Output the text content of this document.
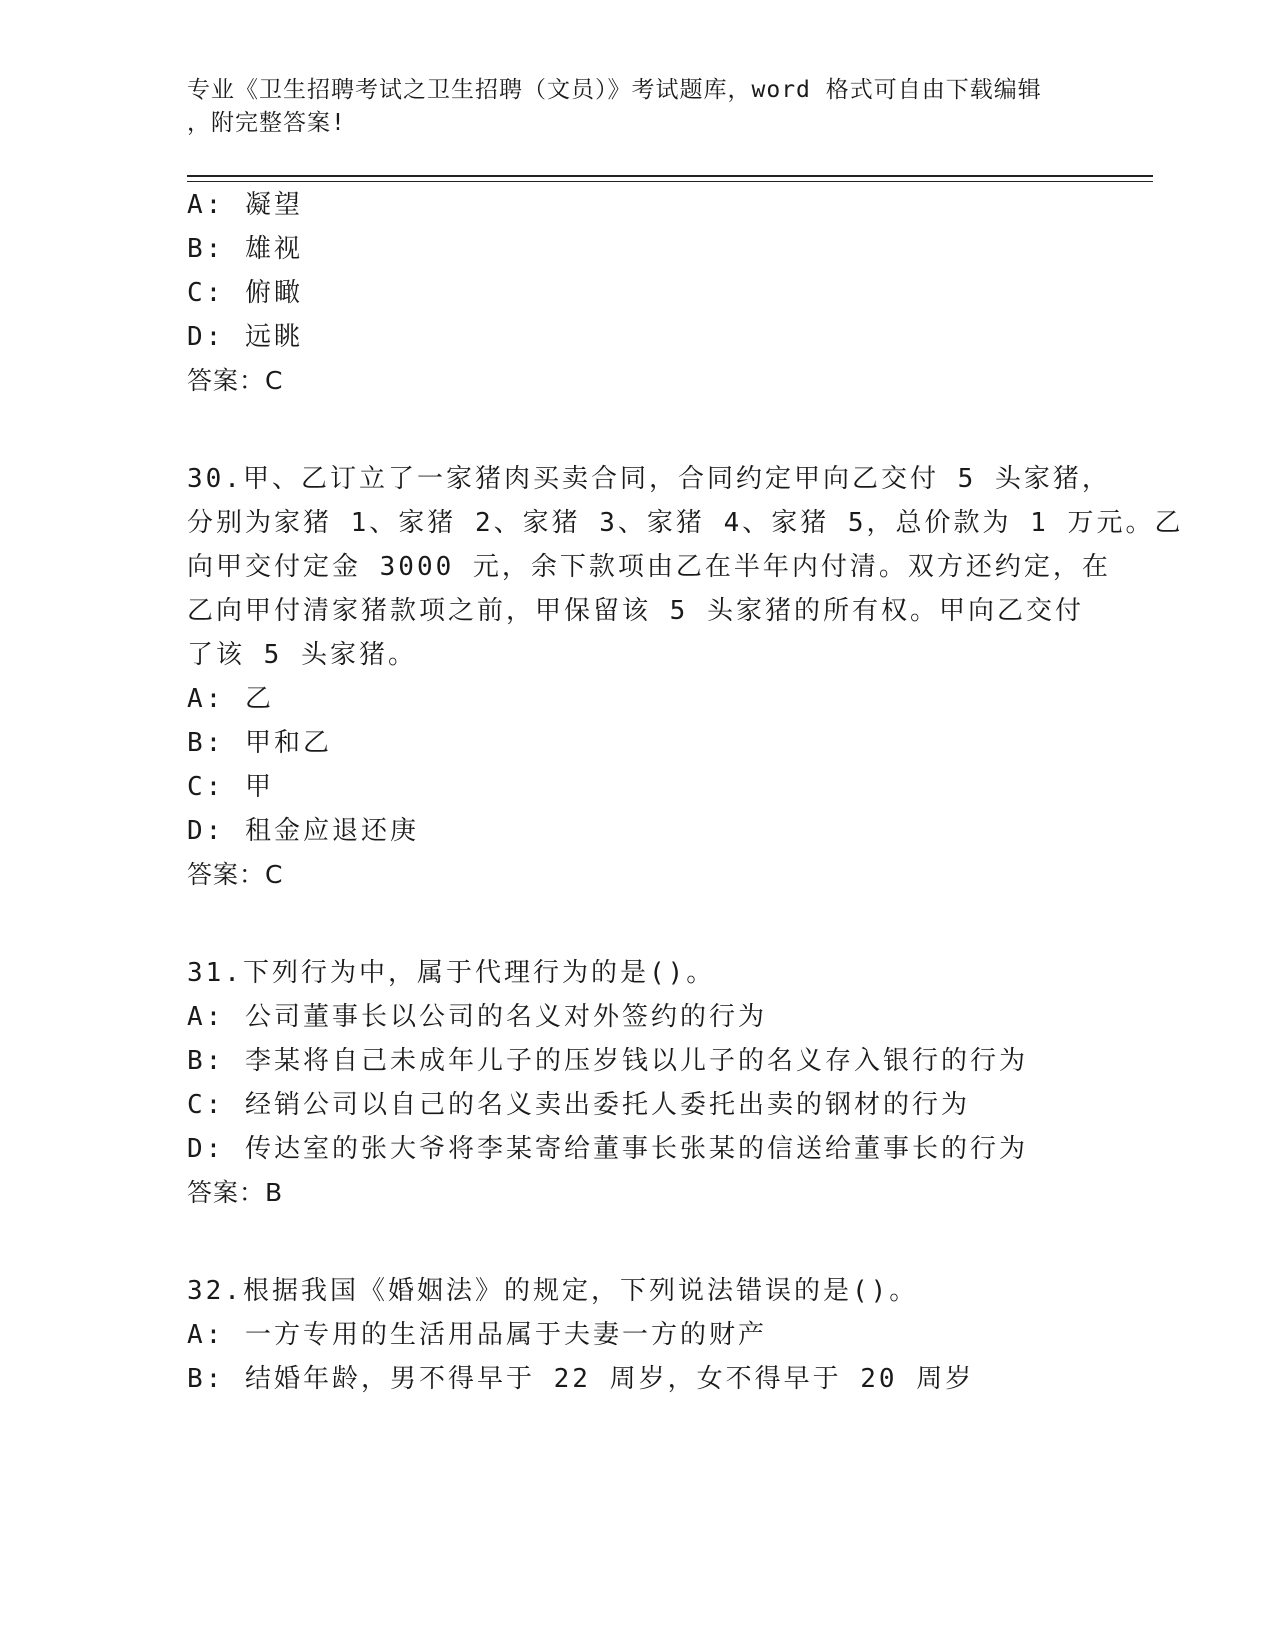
专业《卫生招聘考试之卫生招聘（文员）》考试题库，word 格式可自由下载编辑
，附完整答案!
A: 凝望
B: 雄视
C: 俯瞰
D: 远眺
答案：C
30.甲、乙订立了一家猪肉买卖合同，合同约定甲向乙交付 5 头家猪，
分别为家猪 1、家猪 2、家猪 3、家猪 4、家猪 5，总价款为 1 万元。乙
向甲交付定金 3000 元，余下款项由乙在半年内付清。双方还约定，在
乙向甲付清家猪款项之前，甲保留该 5 头家猪的所有权。甲向乙交付
了该 5 头家猪。
A: 乙
B: 甲和乙
C: 甲
D: 租金应退还庚
答案：C
31.下列行为中，属于代理行为的是()。
A: 公司董事长以公司的名义对外签约的行为
B: 李某将自己未成年儿子的压岁钱以儿子的名义存入银行的行为
C: 经销公司以自己的名义卖出委托人委托出卖的钢材的行为
D: 传达室的张大爷将李某寄给董事长张某的信送给董事长的行为
答案：B
32.根据我国《婚姻法》的规定，下列说法错误的是()。
A: 一方专用的生活用品属于夫妻一方的财产
B: 结婚年龄，男不得早于 22 周岁，女不得早于 20 周岁
